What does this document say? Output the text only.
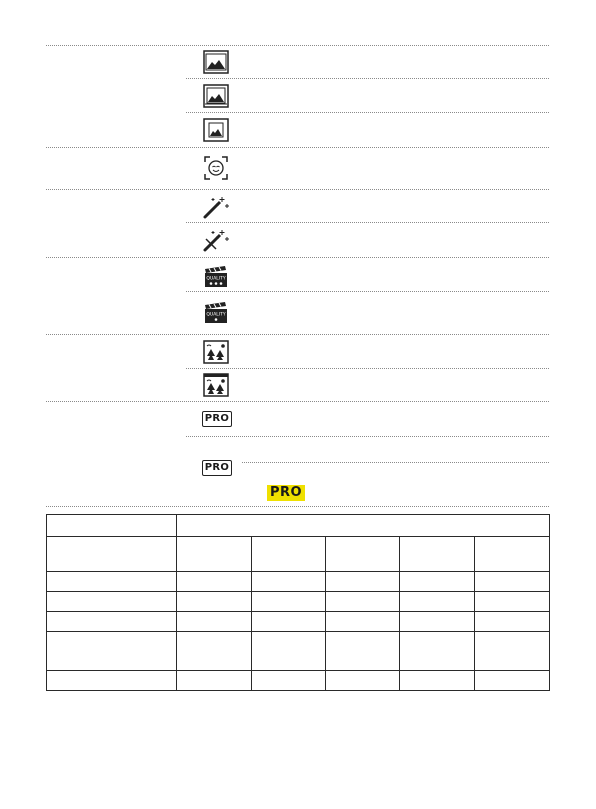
QUALITY
QUALITY
PRO
PRO
PRO
